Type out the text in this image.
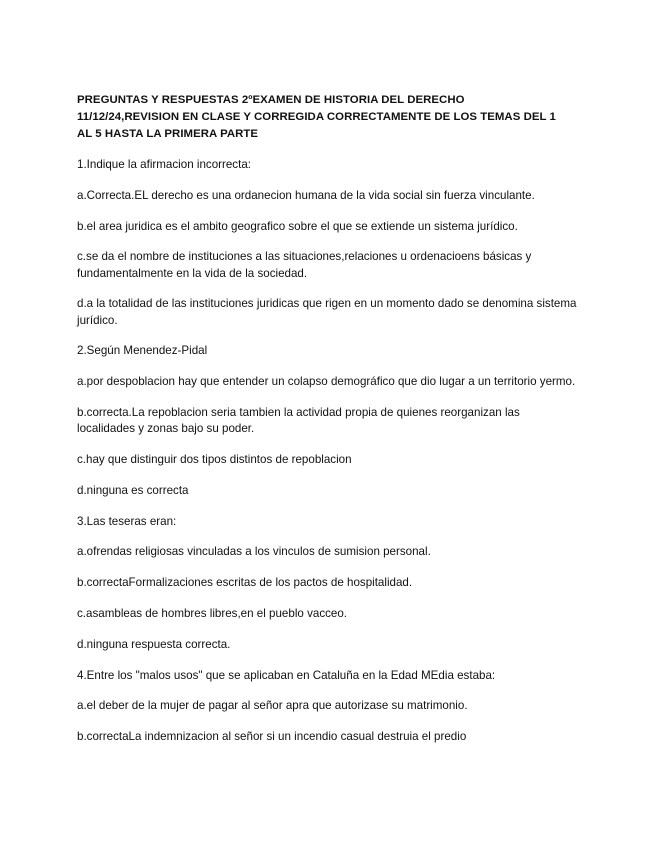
PREGUNTAS Y RESPUESTAS 2ºEXAMEN DE HISTORIA DEL DERECHO
11/12/24,REVISION EN CLASE Y CORREGIDA CORRECTAMENTE DE LOS TEMAS DEL 1
AL 5 HASTA LA PRIMERA PARTE

1.Indique la afirmacion incorrecta:

a.Correcta.EL derecho es una ordanecion humana de la vida social sin fuerza vinculante.

b.el area juridica es el ambito geografico sobre el que se extiende un sistema jurídico.

c.se da el nombre de instituciones a las situaciones,relaciones u ordenacioens básicas y fundamentalmente en la vida de la sociedad.

d.a la totalidad de las instituciones juridicas que rigen en un momento dado se denomina sistema jurídico.

2.Según Menendez-Pidal

a.por despoblacion hay que entender un colapso demográfico que dio lugar a un territorio yermo.

b.correcta.La repoblacion seria tambien la actividad propia de quienes reorganizan las localidades y zonas bajo su poder.

c.hay que distinguir dos tipos distintos de repoblacion

d.ninguna es correcta

3.Las teseras eran:

a.ofrendas religiosas vinculadas a los vinculos de sumision personal.

b.correctaFormalizaciones escritas de los pactos de hospitalidad.

c.asambleas de hombres libres,en el pueblo vacceo.

d.ninguna respuesta correcta.

4.Entre los "malos usos" que se aplicaban en Cataluña en la Edad MEdia estaba:

a.el deber de la mujer de pagar al señor apra que autorizase su matrimonio.

b.correctaLa indemnizacion al señor si un incendio casual destruia el predio
